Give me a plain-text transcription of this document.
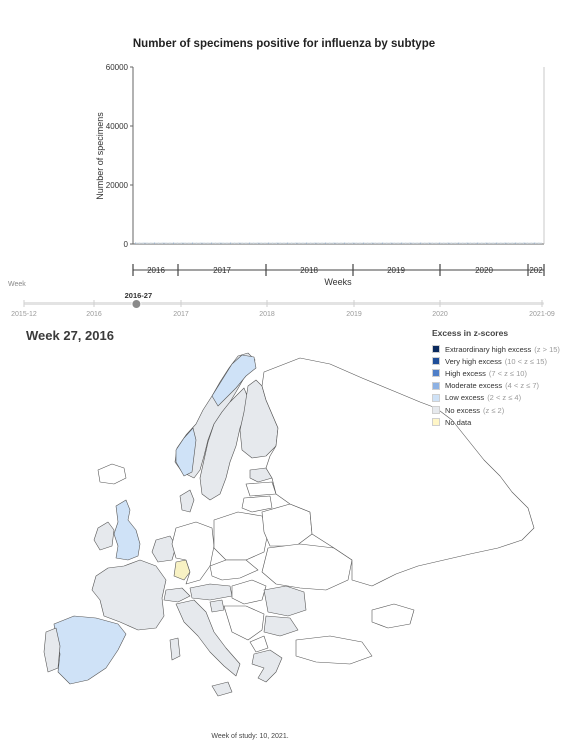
Number of specimens positive for influenza by subtype
60000
40000
20000
0
Number of specimens
2016	2017	2018	2019	2020	202
Weeks
2015-12	2016	2017	2018	2019	2020	2021-09
2016-27
Week
Week 27, 2016	Excess in z-scores
Extraordinary high excess (z > 15)
Very high excess (10 < z ≤ 15)
High excess (7 < z ≤ 10)
Moderate excess (4 < z ≤ 7)
Low excess (2 < z ≤ 4)
No excess (z ≤ 2)
No data
Week of study: 10, 2021.
